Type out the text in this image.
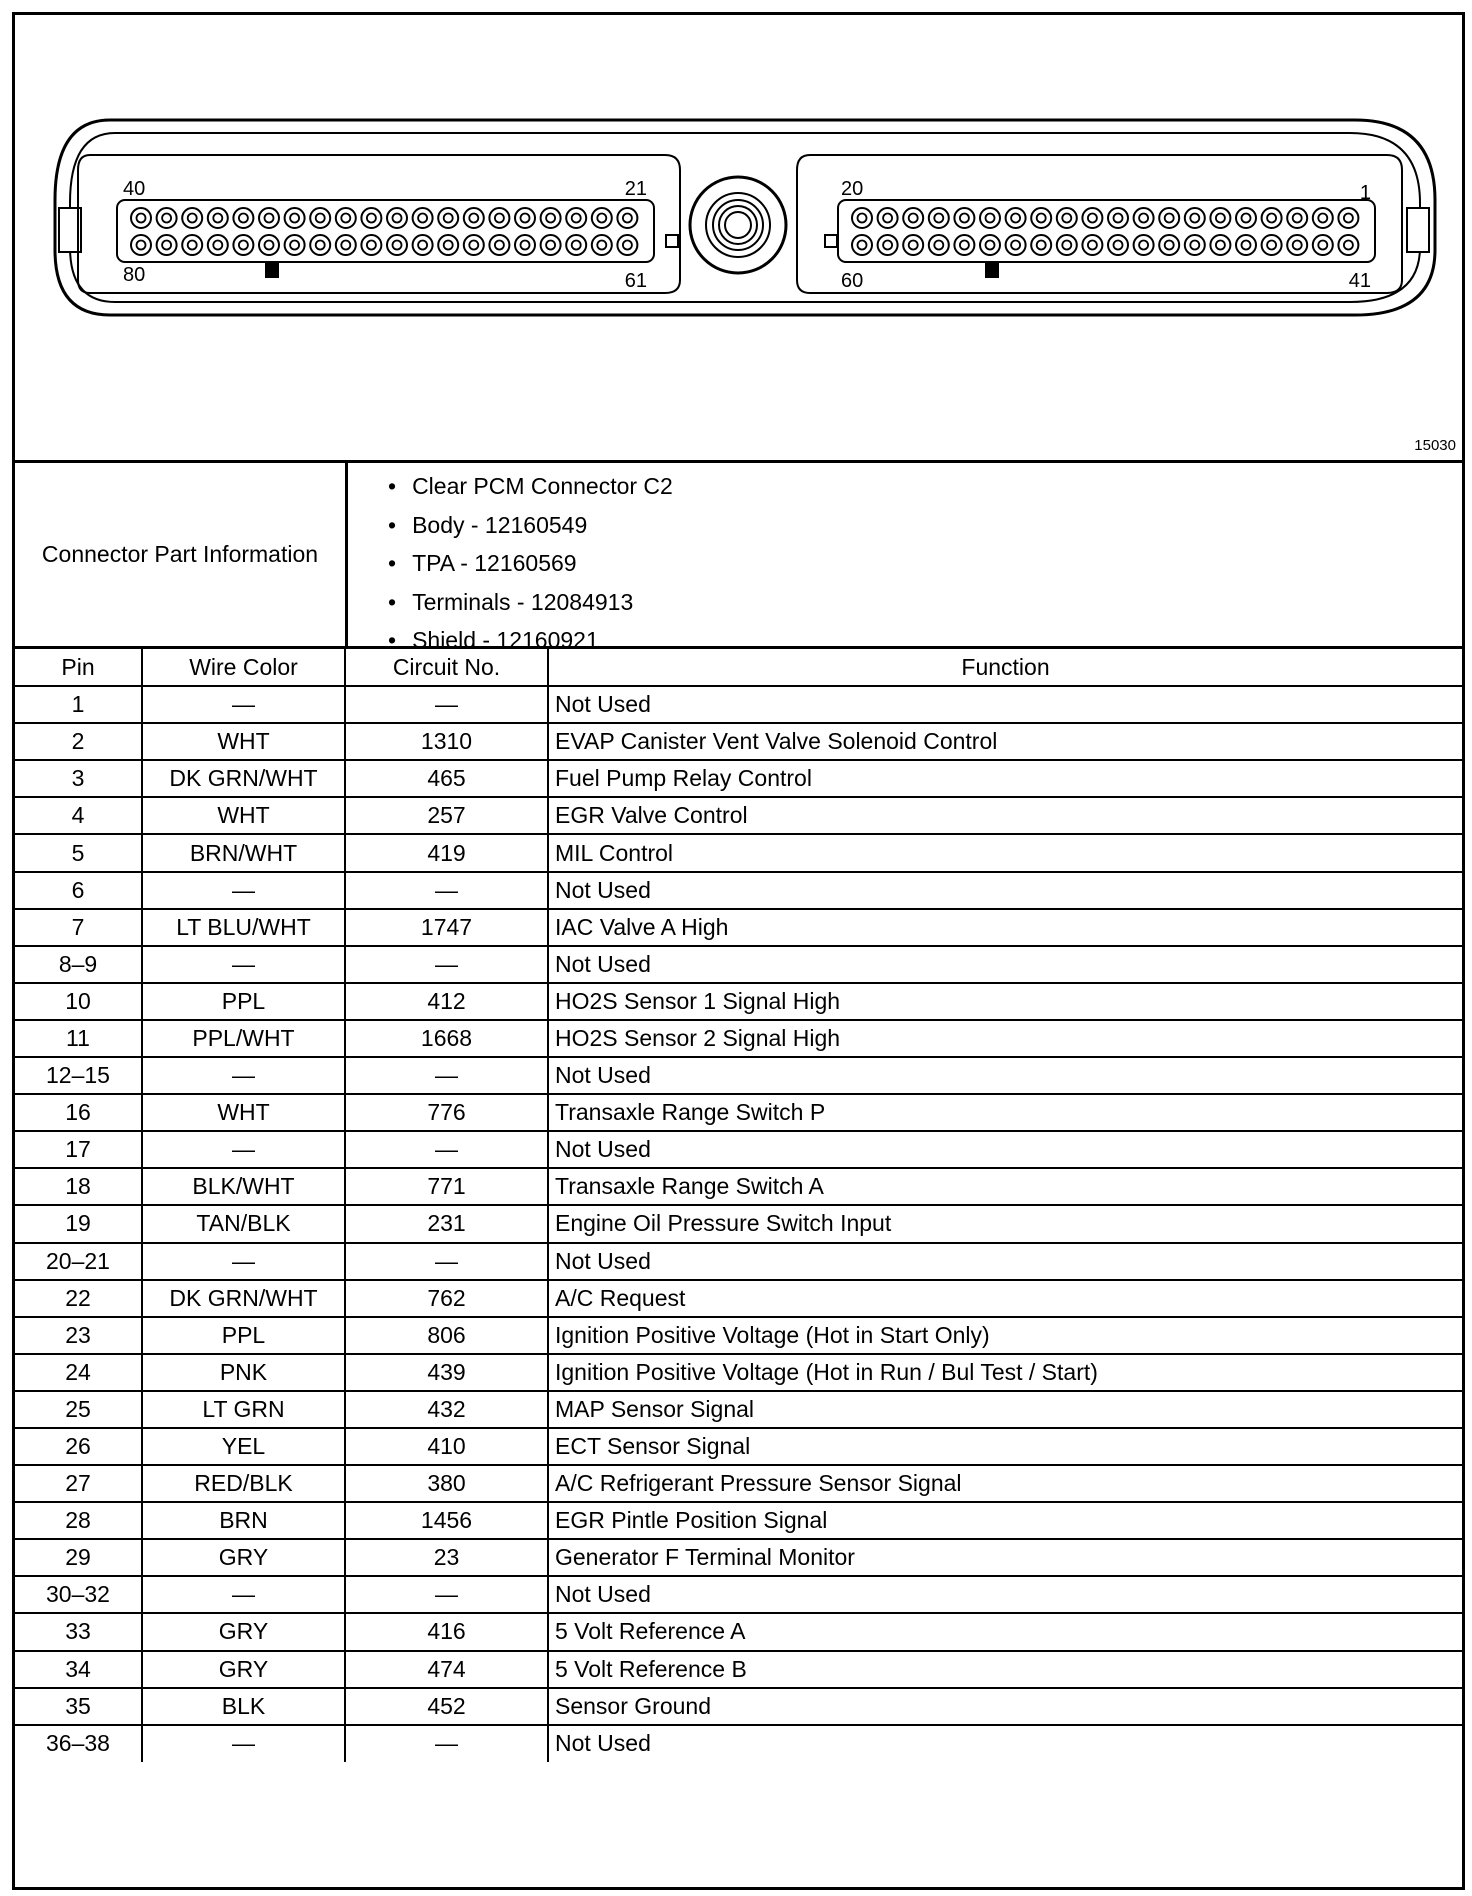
40	21
80	61
20	1
60	41
15030
Connector Part Information
• Clear PCM Connector C2
• Body - 12160549
• TPA - 12160569
• Terminals - 12084913
• Shield - 12160921
Pin	Wire Color	Circuit No.	Function
1	—	—	Not Used
2	WHT	1310	EVAP Canister Vent Valve Solenoid Control
3	DK GRN/WHT	465	Fuel Pump Relay Control
4	WHT	257	EGR Valve Control
5	BRN/WHT	419	MIL Control
6	—	—	Not Used
7	LT BLU/WHT	1747	IAC Valve A High
8–9	—	—	Not Used
10	PPL	412	HO2S Sensor 1 Signal High
11	PPL/WHT	1668	HO2S Sensor 2 Signal High
12–15	—	—	Not Used
16	WHT	776	Transaxle Range Switch P
17	—	—	Not Used
18	BLK/WHT	771	Transaxle Range Switch A
19	TAN/BLK	231	Engine Oil Pressure Switch Input
20–21	—	—	Not Used
22	DK GRN/WHT	762	A/C Request
23	PPL	806	Ignition Positive Voltage (Hot in Start Only)
24	PNK	439	Ignition Positive Voltage (Hot in Run / Bul Test / Start)
25	LT GRN	432	MAP Sensor Signal
26	YEL	410	ECT Sensor Signal
27	RED/BLK	380	A/C Refrigerant Pressure Sensor Signal
28	BRN	1456	EGR Pintle Position Signal
29	GRY	23	Generator F Terminal Monitor
30–32	—	—	Not Used
33	GRY	416	5 Volt Reference A
34	GRY	474	5 Volt Reference B
35	BLK	452	Sensor Ground
36–38	—	—	Not Used
